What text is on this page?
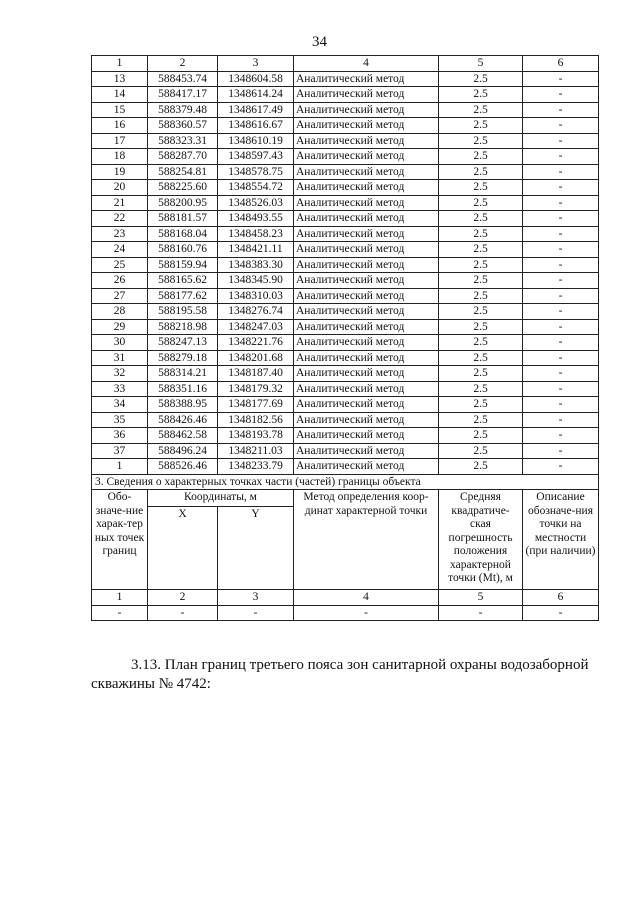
34
1	2	3	4	5	6
13	588453.74	1348604.58	Аналитический метод	2.5	-
14	588417.17	1348614.24	Аналитический метод	2.5	-
15	588379.48	1348617.49	Аналитический метод	2.5	-
16	588360.57	1348616.67	Аналитический метод	2.5	-
17	588323.31	1348610.19	Аналитический метод	2.5	-
18	588287.70	1348597.43	Аналитический метод	2.5	-
19	588254.81	1348578.75	Аналитический метод	2.5	-
20	588225.60	1348554.72	Аналитический метод	2.5	-
21	588200.95	1348526.03	Аналитический метод	2.5	-
22	588181.57	1348493.55	Аналитический метод	2.5	-
23	588168.04	1348458.23	Аналитический метод	2.5	-
24	588160.76	1348421.11	Аналитический метод	2.5	-
25	588159.94	1348383.30	Аналитический метод	2.5	-
26	588165.62	1348345.90	Аналитический метод	2.5	-
27	588177.62	1348310.03	Аналитический метод	2.5	-
28	588195.58	1348276.74	Аналитический метод	2.5	-
29	588218.98	1348247.03	Аналитический метод	2.5	-
30	588247.13	1348221.76	Аналитический метод	2.5	-
31	588279.18	1348201.68	Аналитический метод	2.5	-
32	588314.21	1348187.40	Аналитический метод	2.5	-
33	588351.16	1348179.32	Аналитический метод	2.5	-
34	588388.95	1348177.69	Аналитический метод	2.5	-
35	588426.46	1348182.56	Аналитический метод	2.5	-
36	588462.58	1348193.78	Аналитический метод	2.5	-
37	588496.24	1348211.03	Аналитический метод	2.5	-
1	588526.46	1348233.79	Аналитический метод	2.5	-
3. Сведения о характерных точках части (частей) границы объекта					
Обо-значе-ние харак-тер ных точек границ	Координаты, м		Метод определения коор-динат характерной точки	Средняя квадратиче-ская погрешность положения характерной точки (Mt), м	Описание обозначе-ния точки на местности (при наличии)
	X	Y			
1	2	3	4	5	6
-	-	-	-	-	-
3.13. План границ третьего пояса зон санитарной охраны водозаборной скважины № 4742:
